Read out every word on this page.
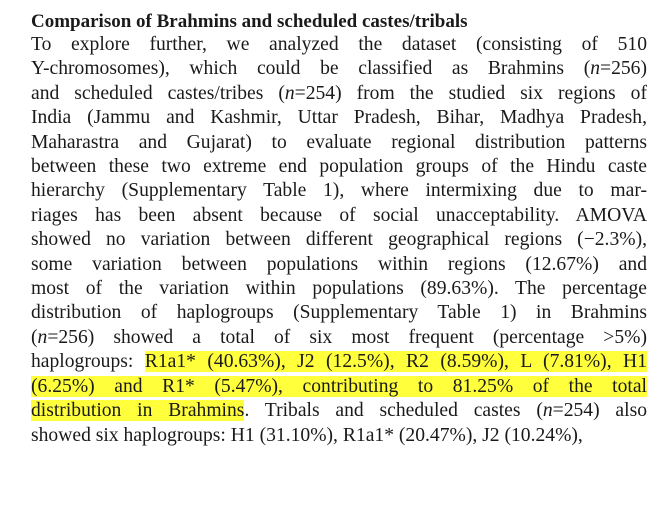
Comparison of Brahmins and scheduled castes/tribals

To explore further, we analyzed the dataset (consisting of 510
Y-chromosomes), which could be classified as Brahmins (n=256)
and scheduled castes/tribes (n=254) from the studied six regions of
India (Jammu and Kashmir, Uttar Pradesh, Bihar, Madhya Pradesh,
Maharastra and Gujarat) to evaluate regional distribution patterns
between these two extreme end population groups of the Hindu caste
hierarchy (Supplementary Table 1), where intermixing due to mar-
riages has been absent because of social unacceptability. AMOVA
showed no variation between different geographical regions (−2.3%),
some variation between populations within regions (12.67%) and
most of the variation within populations (89.63%). The percentage
distribution of haplogroups (Supplementary Table 1) in Brahmins
(n=256) showed a total of six most frequent (percentage >5%)
haplogroups: R1a1* (40.63%), J2 (12.5%), R2 (8.59%), L (7.81%), H1
(6.25%) and R1* (5.47%), contributing to 81.25% of the total
distribution in Brahmins. Tribals and scheduled castes (n=254) also
showed six haplogroups: H1 (31.10%), R1a1* (20.47%), J2 (10.24%),
